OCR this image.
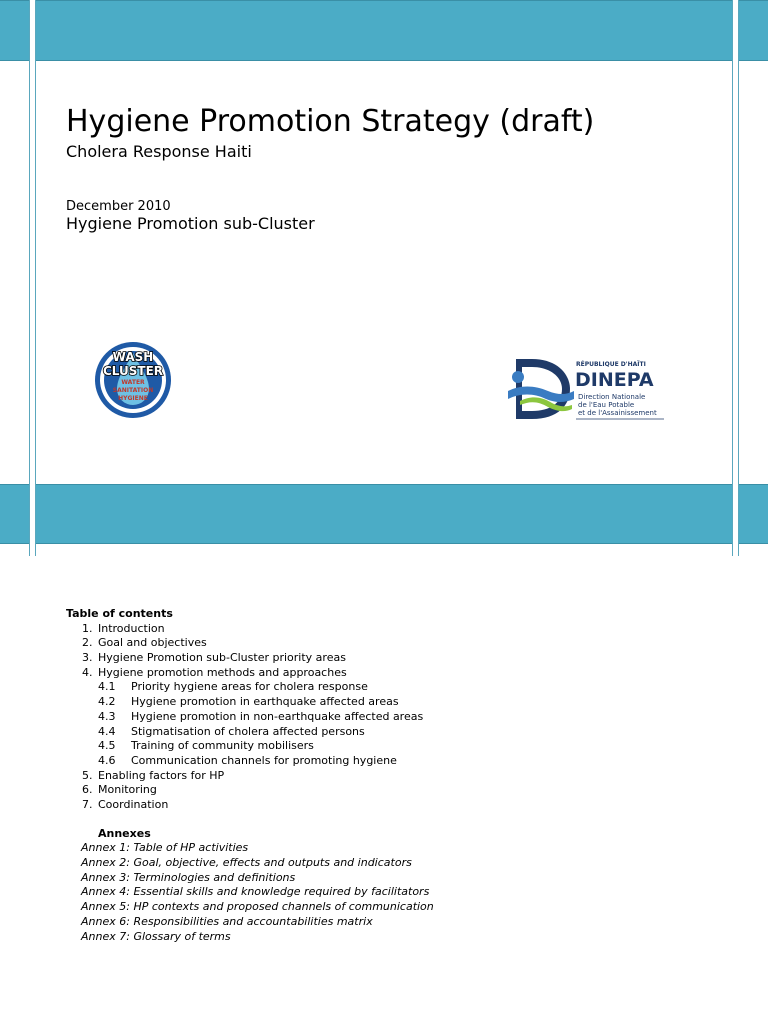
Hygiene Promotion Strategy (draft)
Cholera Response Haiti
December 2010
Hygiene Promotion sub-Cluster
WASH
CLUSTER
WATER
SANITATION
HYGIENE
RÉPUBLIQUE D'HAÏTI
DINEPA
Direction Nationale
de l'Eau Potable
et de l'Assainissement
Table of contents
1. Introduction
2. Goal and objectives
3. Hygiene Promotion sub-Cluster priority areas
4. Hygiene promotion methods and approaches
4.1 Priority hygiene areas for cholera response
4.2 Hygiene promotion in earthquake affected areas
4.3 Hygiene promotion in non-earthquake affected areas
4.4 Stigmatisation of cholera affected persons
4.5 Training of community mobilisers
4.6 Communication channels for promoting hygiene
5. Enabling factors for HP
6. Monitoring
7. Coordination
Annexes
Annex 1: Table of HP activities
Annex 2: Goal, objective, effects and outputs and indicators
Annex 3: Terminologies and definitions
Annex 4: Essential skills and knowledge required by facilitators
Annex 5: HP contexts and proposed channels of communication
Annex 6: Responsibilities and accountabilities matrix
Annex 7: Glossary of terms
